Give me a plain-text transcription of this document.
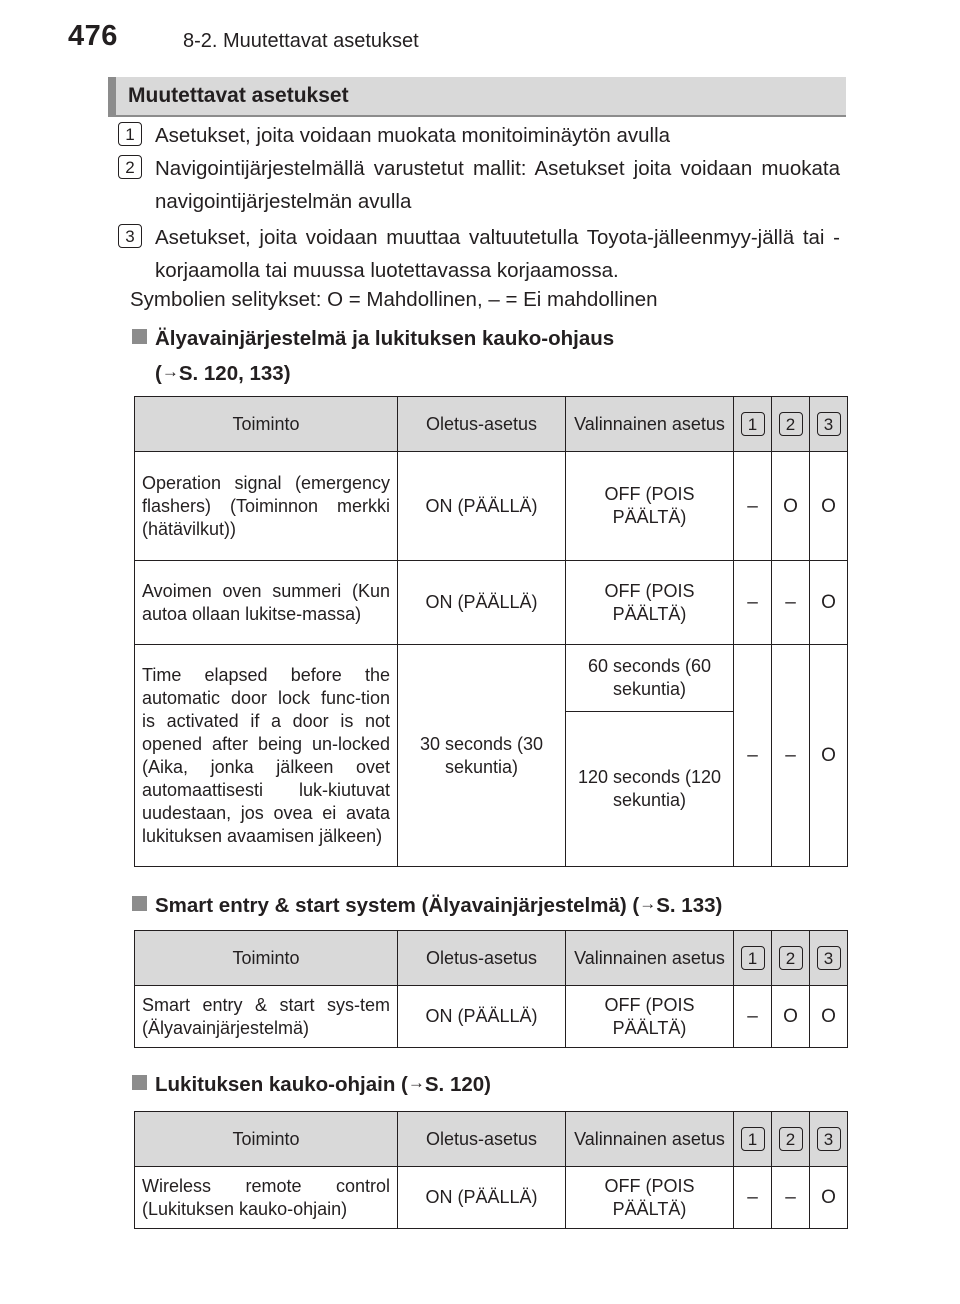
476	8-2. Muutettavat asetukset
Muutettavat asetukset
1 Asetukset, joita voidaan muokata monitoiminäytön avulla
2 Navigointijärjestelmällä varustetut mallit: Asetukset joita voidaan muokata navigointijärjestelmän avulla
3 Asetukset, joita voidaan muuttaa valtuutetulla Toyota-jälleenmyy-jällä tai -korjaamolla tai muussa luotettavassa korjaamossa.
Symbolien selitykset: O = Mahdollinen, – = Ei mahdollinen
Älyavainjärjestelmä ja lukituksen kauko-ohjaus
(→S. 120, 133)
Toiminto	Oletus-asetus	Valinnainen asetus	1	2	3
Operation signal (emergency flashers) (Toiminnon merkki (hätävilkut))	ON (PÄÄLLÄ)	OFF (POIS PÄÄLTÄ)	–	O	O
Avoimen oven summeri (Kun autoa ollaan lukitse-massa)	ON (PÄÄLLÄ)	OFF (POIS PÄÄLTÄ)	–	–	O
Time elapsed before the automatic door lock func-tion is activated if a door is not opened after being un-locked (Aika, jonka jälkeen ovet automaattisesti luk-kiutuvat uudestaan, jos ovea ei avata lukituksen avaamisen jälkeen)	30 seconds (30 sekuntia)	60 seconds (60 sekuntia)	–	–	O
		120 seconds (120 sekuntia)			
Smart entry & start system (Älyavainjärjestelmä) (→S. 133)
Toiminto	Oletus-asetus	Valinnainen asetus	1	2	3
Smart entry & start sys-tem (Älyavainjärjestelmä)	ON (PÄÄLLÄ)	OFF (POIS PÄÄLTÄ)	–	O	O
Lukituksen kauko-ohjain (→S. 120)
Toiminto	Oletus-asetus	Valinnainen asetus	1	2	3
Wireless remote control (Lukituksen kauko-ohjain)	ON (PÄÄLLÄ)	OFF (POIS PÄÄLTÄ)	–	–	O
